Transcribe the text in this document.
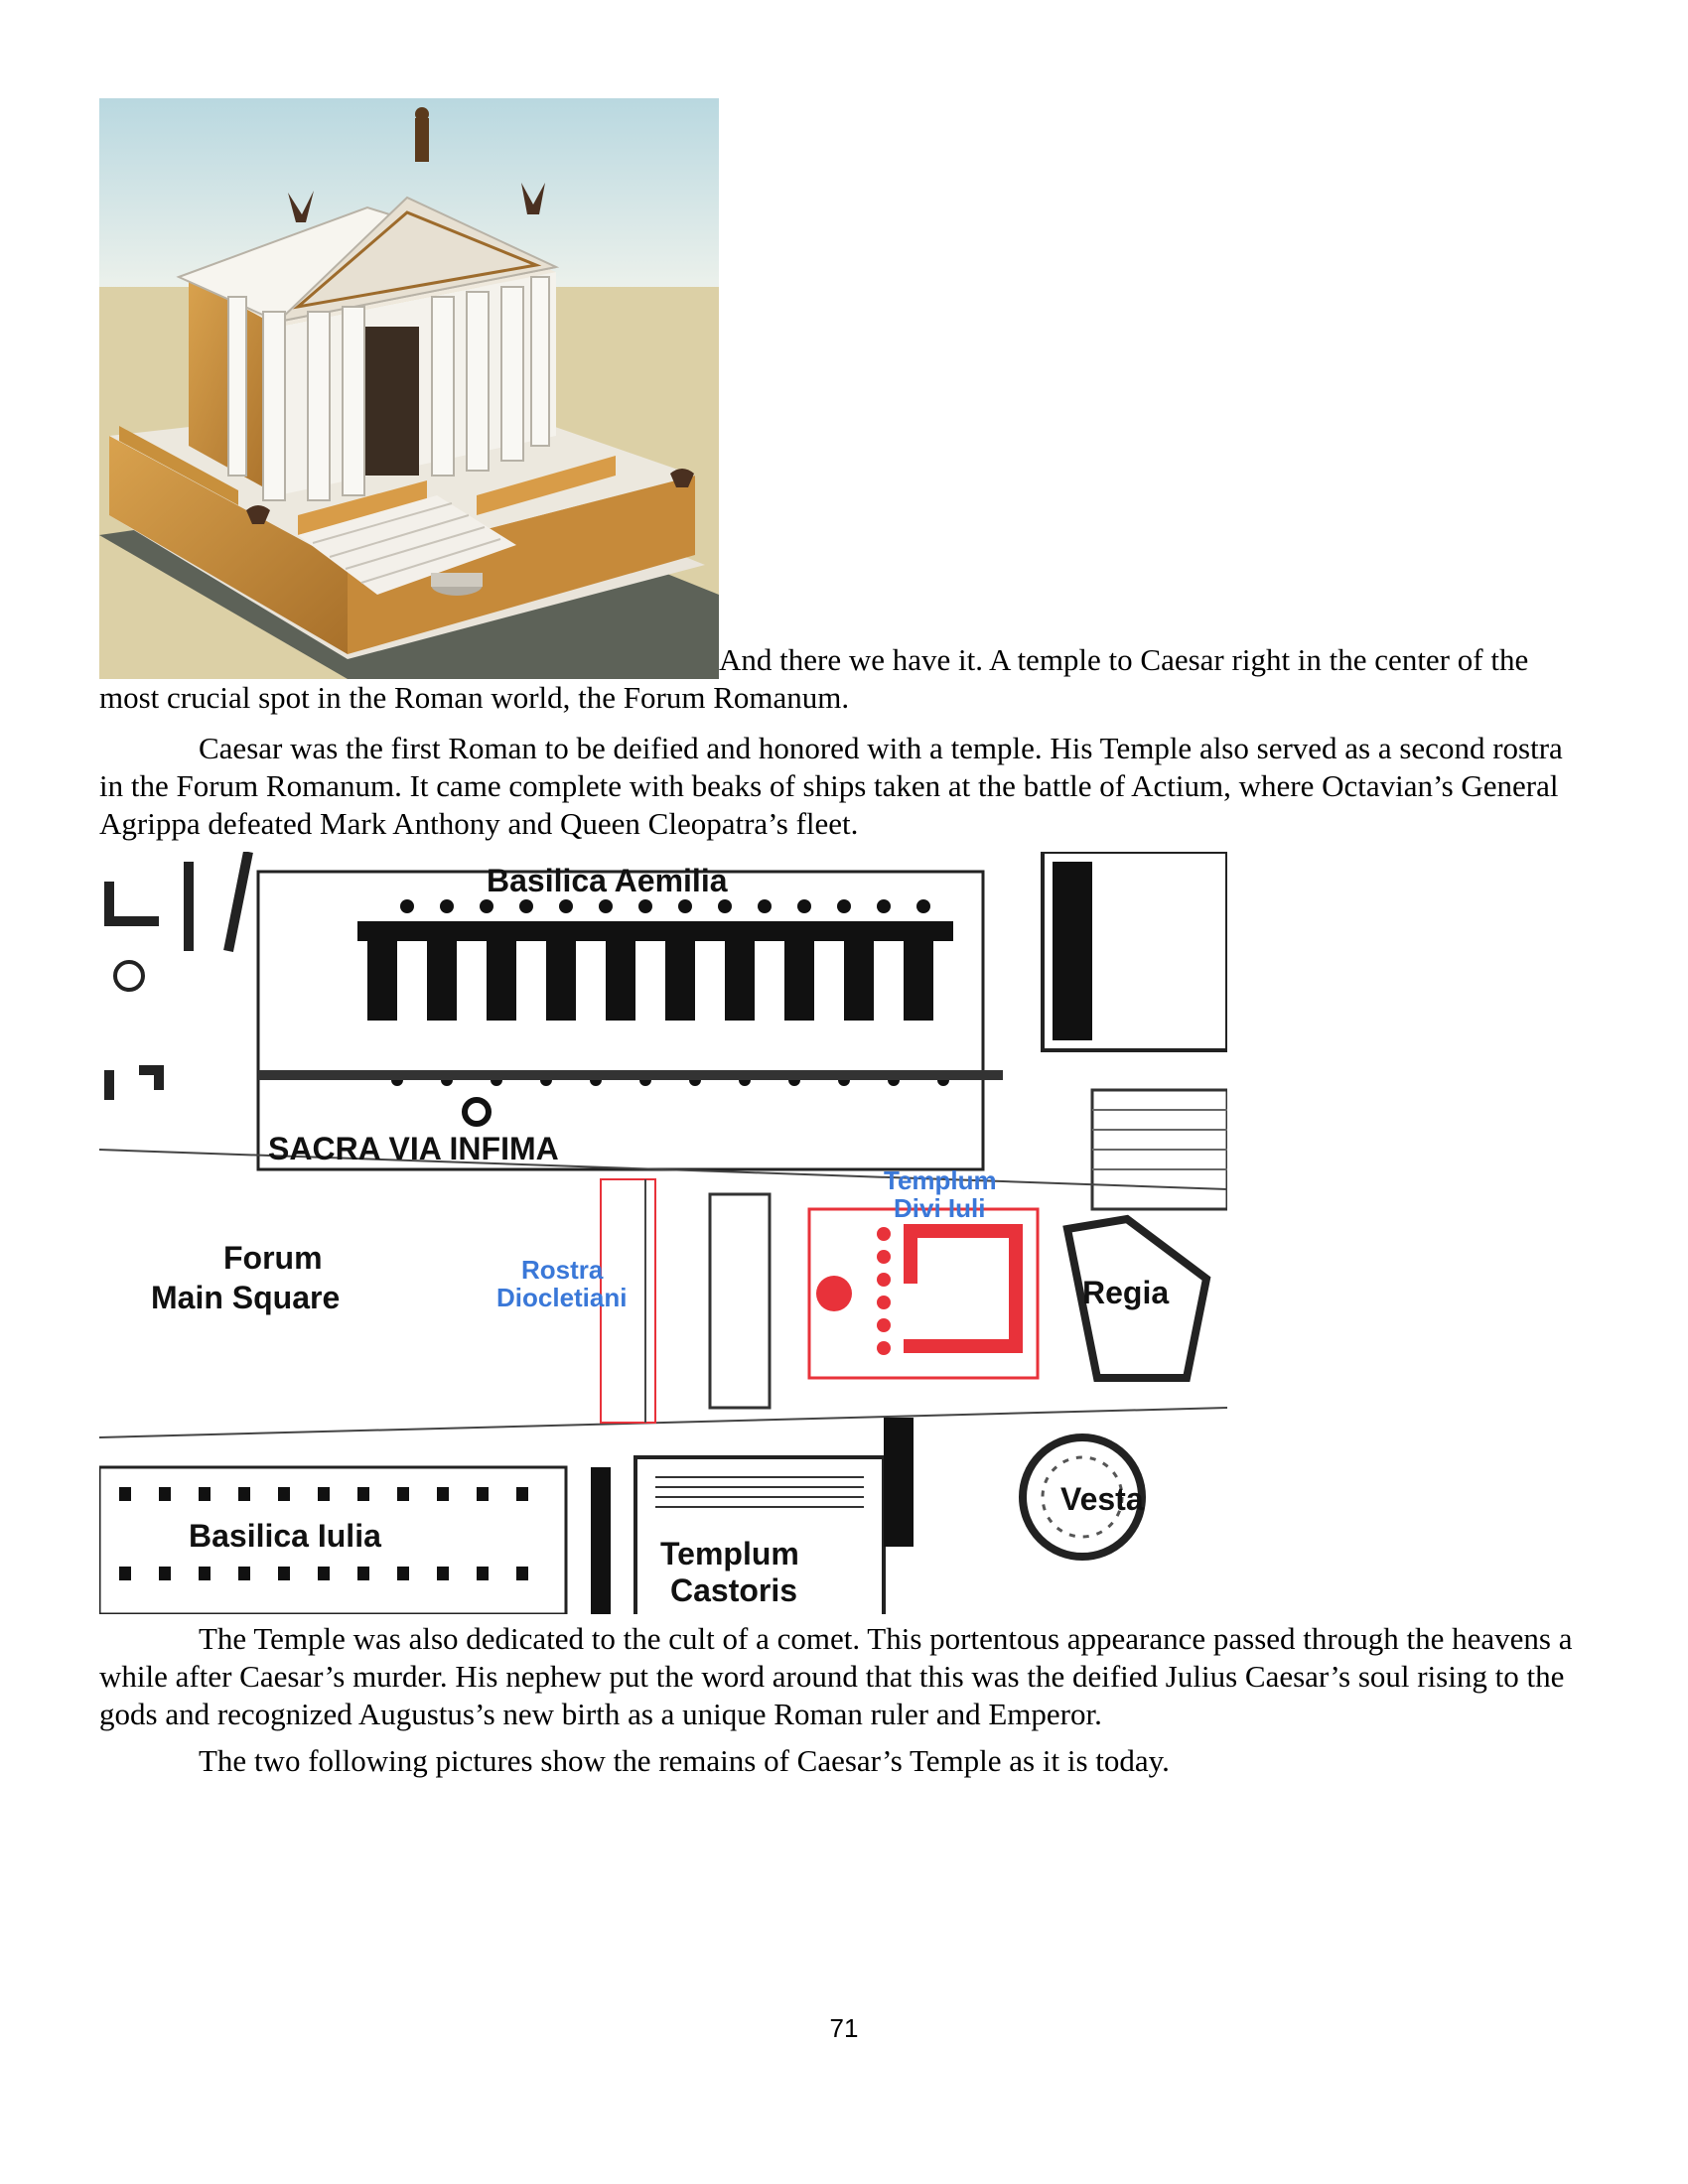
And there we have it. A temple to Caesar right in the center of the most crucial spot in the Roman world, the Forum Romanum.

Caesar was the first Roman to be deified and honored with a temple. His Temple also served as a second rostra in the Forum Romanum. It came complete with beaks of ships taken at the battle of Actium, where Octavian’s General Agrippa defeated Mark Anthony and Queen Cleopatra’s fleet.

Basilica Aemilia
SACRA VIA INFIMA
Forum
Main Square
Rostra
Diocletiani
Templum
Divi Iuli
Regia
Vesta
Basilica Iulia	Templum
Castoris

The Temple was also dedicated to the cult of a comet. This portentous appearance passed through the heavens a while after Caesar’s murder. His nephew put the word around that this was the deified Julius Caesar’s soul rising to the gods and recognized Augustus’s new birth as a unique Roman ruler and Emperor.

The two following pictures show the remains of Caesar’s Temple as it is today.

71
